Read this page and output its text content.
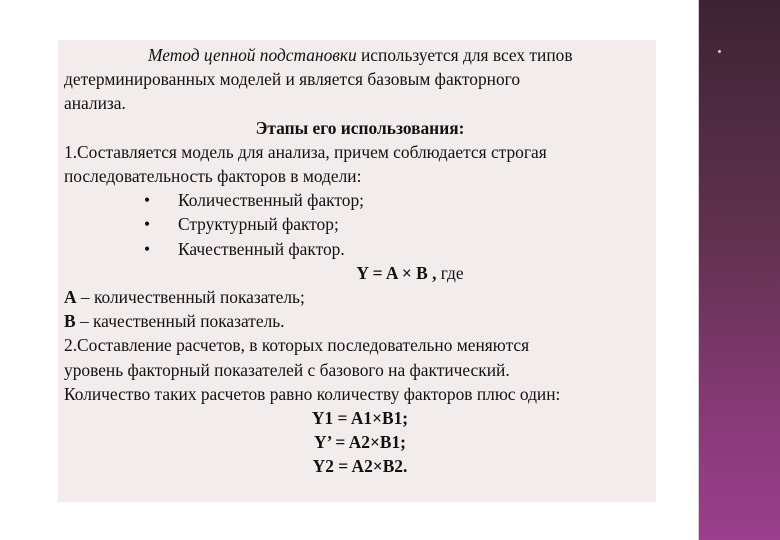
Метод цепной подстановки используется для всех типов

детерминированных моделей и является базовым факторного

анализа.

Этапы его использования:

1.Составляется модель для анализа, причем соблюдается строгая

последовательность факторов в модели:

• Количественный фактор;

• Структурный фактор;

• Качественный фактор.

Y = A × B , где

A – количественный показатель;

B – качественный показатель.

2.Составление расчетов, в которых последовательно меняются

уровень факторный показателей с базового на фактический.

Количество таких расчетов равно количеству факторов плюс один:

Y1 = A1×B1;

Y’ = A2×B1;

Y2 = A2×B2.
